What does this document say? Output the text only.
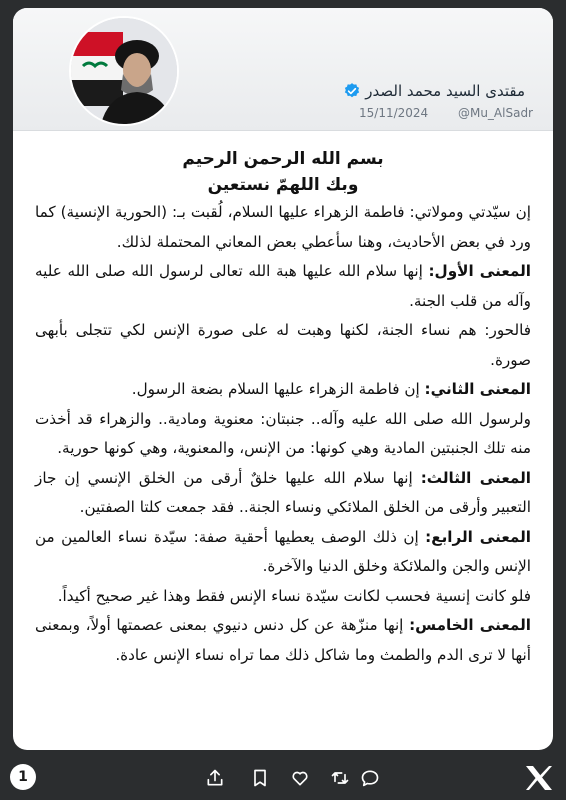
مقتدى السيد محمد الصدر
15/11/2024 @Mu_AlSadr

بسم الله الرحمن الرحيم

وبك اللهمّ نستعين

إن سيّدتي ومولاتي: فاطمة الزهراء عليها السلام، لُقبت بـ: (الحورية الإنسية) كما ورد في بعض الأحاديث، وهنا سأعطي بعض المعاني المحتملة لذلك.

المعنى الأول: إنها سلام الله عليها هبة الله تعالى لرسول الله صلى الله عليه وآله من قلب الجنة.

فالحور: هم نساء الجنة، لكنها وهبت له على صورة الإنس لكي تتجلى بأبهى صورة.

المعنى الثاني: إن فاطمة الزهراء عليها السلام بضعة الرسول.

ولرسول الله صلى الله عليه وآله.. جنبتان: معنوية ومادية.. والزهراء قد أخذت منه تلك الجنبتين المادية وهي كونها: من الإنس، والمعنوية، وهي كونها حورية.

المعنى الثالث: إنها سلام الله عليها خلقٌ أرقى من الخلق الإنسي إن جاز التعبير وأرقى من الخلق الملائكي ونساء الجنة.. فقد جمعت كلتا الصفتين.

المعنى الرابع: إن ذلك الوصف يعطيها أحقية صفة: سيّدة نساء العالمين من الإنس والجن والملائكة وخلق الدنيا والآخرة.

فلو كانت إنسية فحسب لكانت سيّدة نساء الإنس فقط وهذا غير صحيح أكيداً.

المعنى الخامس: إنها منزّهة عن كل دنس دنيوي بمعنى عصمتها أولاً، وبمعنى أنها لا ترى الدم والطمث وما شاكل ذلك مما تراه نساء الإنس عادة.

1
